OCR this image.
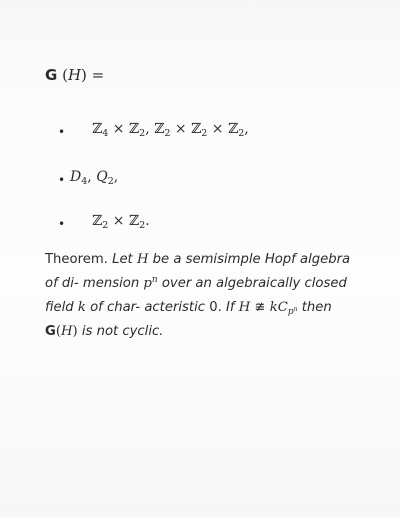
G (H) =
• ℤ$_4$ × ℤ$_2$, ℤ$_2$ × ℤ$_2$ × ℤ$_2$,
• $D_4$, $Q_2$,
• ℤ$_2$ × ℤ$_2$.
Theorem. Let H be a semisimple Hopf algebra of di- mension $p^n$ over an algebraically closed field k of char- acteristic 0. If H ≇ $kC_{p^n}$ then G(H) is not cyclic.
